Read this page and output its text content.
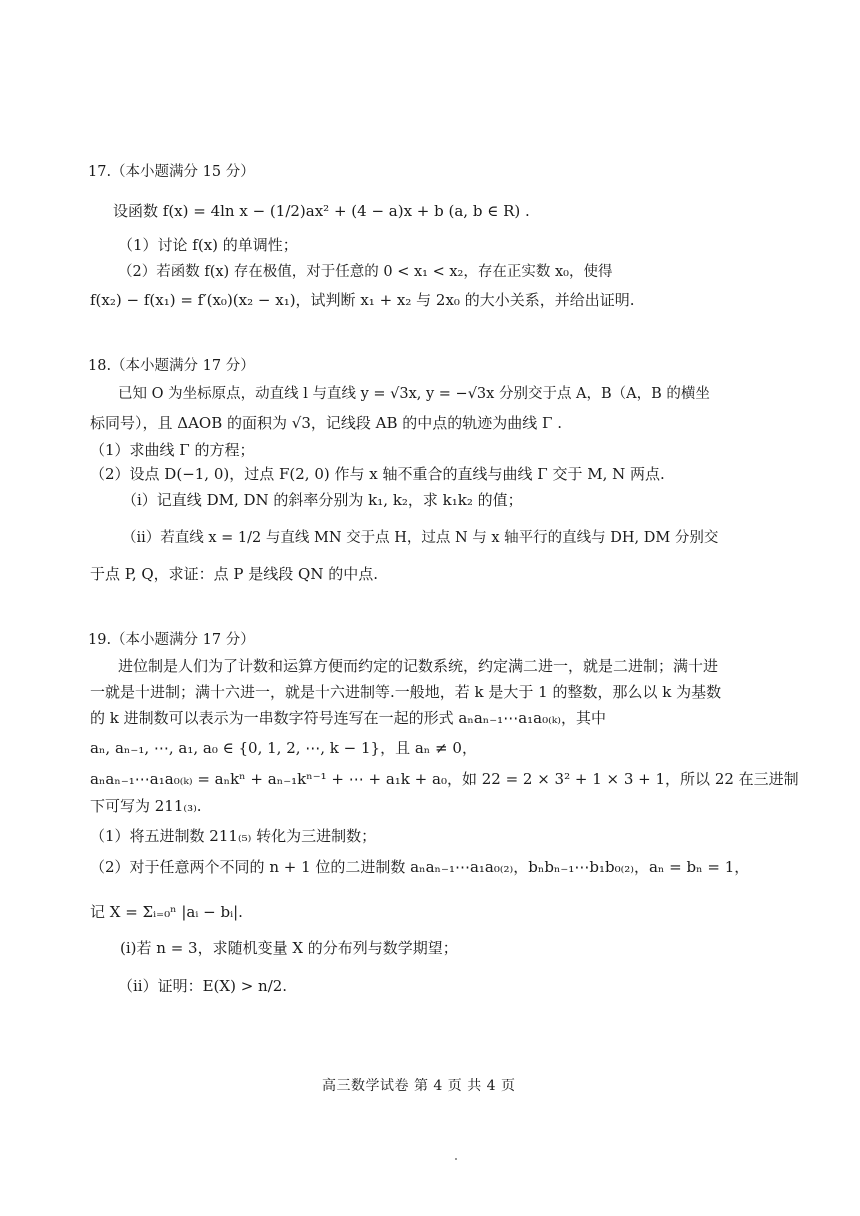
17.（本小题满分 15 分）
设函数 f(x) = 4ln x − (1/2)ax² + (4 − a)x + b (a, b ∈ R) .
（1）讨论 f(x) 的单调性；
（2）若函数 f(x) 存在极值，对于任意的 0 < x₁ < x₂，存在正实数 x₀，使得
f(x₂) − f(x₁) = f′(x₀)(x₂ − x₁)，试判断 x₁ + x₂ 与 2x₀ 的大小关系，并给出证明.
18.（本小题满分 17 分）
已知 O 为坐标原点，动直线 l 与直线 y = √3x, y = −√3x 分别交于点 A，B（A，B 的横坐
标同号），且 ΔAOB 的面积为 √3，记线段 AB 的中点的轨迹为曲线 Γ .
（1）求曲线 Γ 的方程；
（2）设点 D(−1, 0)，过点 F(2, 0) 作与 x 轴不重合的直线与曲线 Γ 交于 M, N 两点.
（i）记直线 DM, DN 的斜率分别为 k₁, k₂，求 k₁k₂ 的值；
（ii）若直线 x = 1/2 与直线 MN 交于点 H，过点 N 与 x 轴平行的直线与 DH, DM 分别交
于点 P, Q，求证：点 P 是线段 QN 的中点.
19.（本小题满分 17 分）
进位制是人们为了计数和运算方便而约定的记数系统，约定满二进一，就是二进制；满十进
一就是十进制；满十六进一，就是十六进制等.一般地，若 k 是大于 1 的整数，那么以 k 为基数
的 k 进制数可以表示为一串数字符号连写在一起的形式 aₙaₙ₋₁⋯a₁a₀₍ₖ₎，其中
aₙ, aₙ₋₁, ⋯, a₁, a₀ ∈ {0, 1, 2, ⋯, k − 1}，且 aₙ ≠ 0，
aₙaₙ₋₁⋯a₁a₀₍ₖ₎ = aₙkⁿ + aₙ₋₁kⁿ⁻¹ + ⋯ + a₁k + a₀，如 22 = 2 × 3² + 1 × 3 + 1，所以 22 在三进制
下可写为 211₍₃₎.
（1）将五进制数 211₍₅₎ 转化为三进制数；
（2）对于任意两个不同的 n + 1 位的二进制数 aₙaₙ₋₁⋯a₁a₀₍₂₎，bₙbₙ₋₁⋯b₁b₀₍₂₎，aₙ = bₙ = 1，
记 X = Σᵢ₌₀ⁿ |aᵢ − bᵢ|.
(i)若 n = 3，求随机变量 X 的分布列与数学期望；
（ii）证明：E(X) > n/2.
高三数学试卷 第 4 页 共 4 页
